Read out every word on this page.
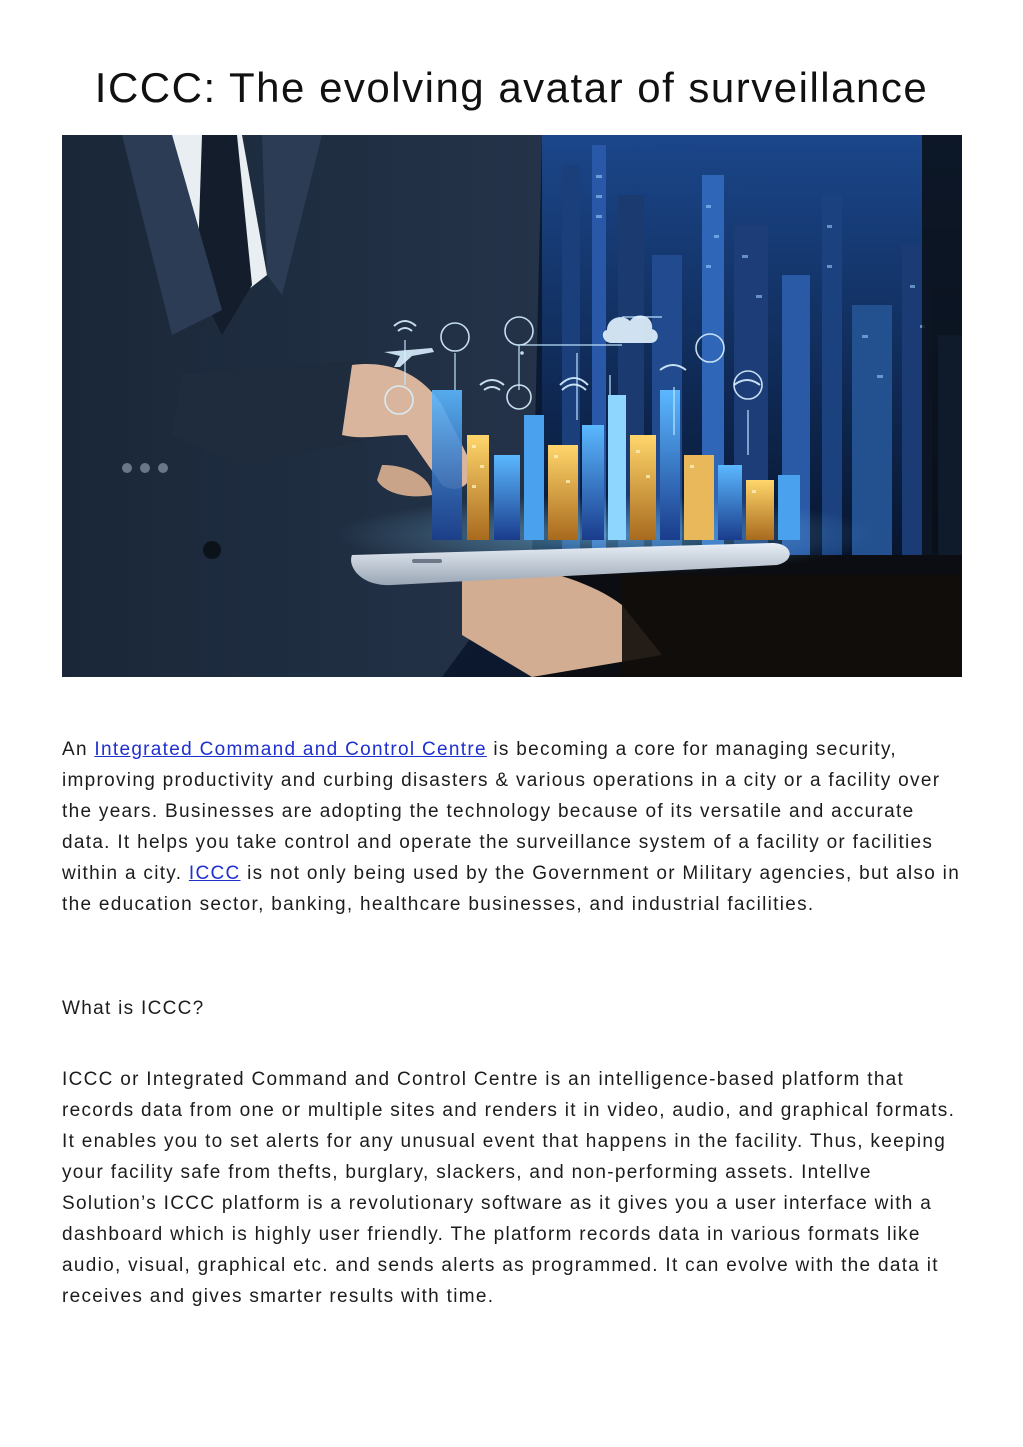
ICCC: The evolving avatar of surveillance

An Integrated Command and Control Centre is becoming a core for managing security, improving productivity and curbing disasters & various operations in a city or a facility over the years. Businesses are adopting the technology because of its versatile and accurate data. It helps you take control and operate the surveillance system of a facility or facilities within a city. ICCC is not only being used by the Government or Military agencies, but also in the education sector, banking, healthcare businesses, and industrial facilities.

What is ICCC?

ICCC or Integrated Command and Control Centre is an intelligence-based platform that records data from one or multiple sites and renders it in video, audio, and graphical formats. It enables you to set alerts for any unusual event that happens in the facility. Thus, keeping your facility safe from thefts, burglary, slackers, and non-performing assets. Intellve Solution’s ICCC platform is a revolutionary software as it gives you a user interface with a dashboard which is highly user friendly. The platform records data in various formats like audio, visual, graphical etc. and sends alerts as programmed. It can evolve with the data it receives and gives smarter results with time.
